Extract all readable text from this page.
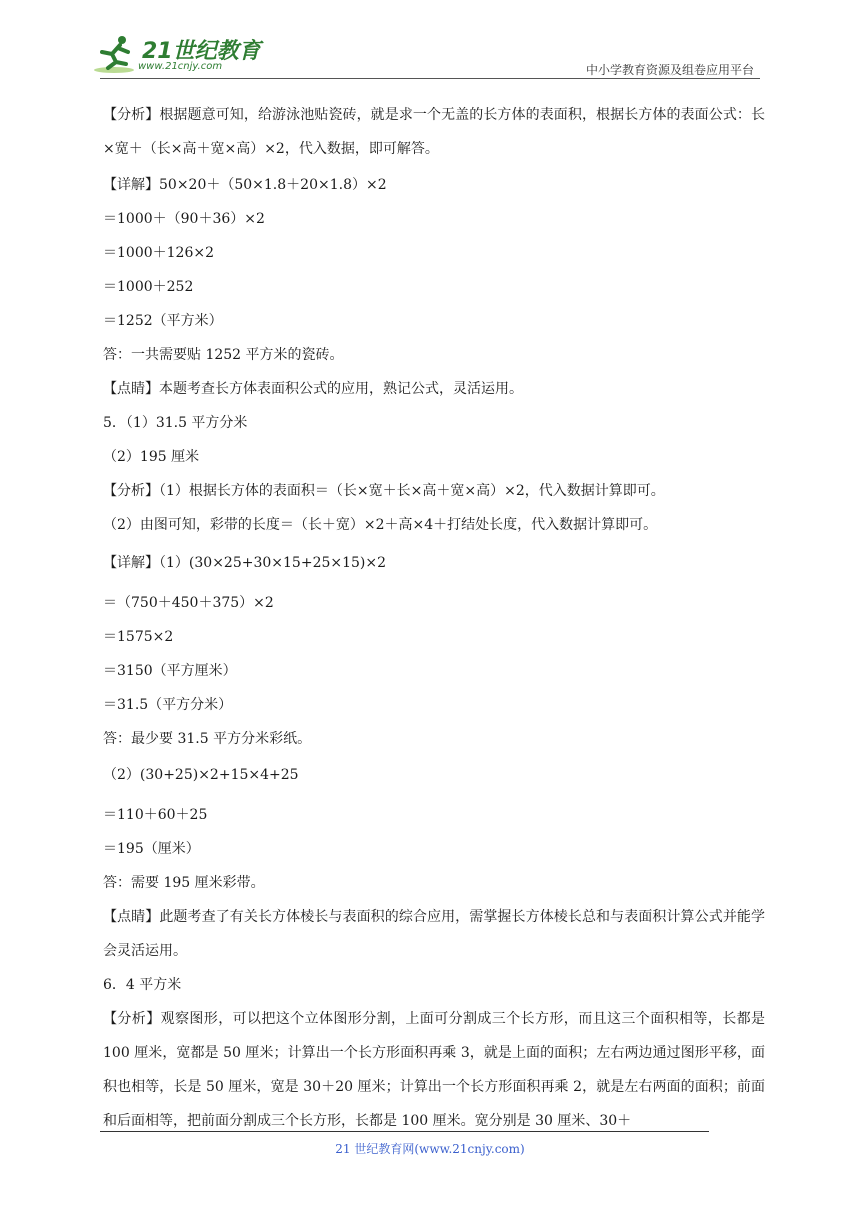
21世纪教育
www.21cnjy.com	中小学教育资源及组卷应用平台
【分析】根据题意可知，给游泳池贴瓷砖，就是求一个无盖的长方体的表面积，根据长方体的表面公式：长×宽＋（长×高＋宽×高）×2，代入数据，即可解答。
【详解】50×20＋（50×1.8＋20×1.8）×2
＝1000＋（90＋36）×2
＝1000＋126×2
＝1000＋252
＝1252（平方米）
答：一共需要贴 1252 平方米的瓷砖。
【点睛】本题考查长方体表面积公式的应用，熟记公式，灵活运用。
5．（1）31.5 平方分米
（2）195 厘米
【分析】（1）根据长方体的表面积＝（长×宽＋长×高＋宽×高）×2，代入数据计算即可。
（2）由图可知，彩带的长度＝（长＋宽）×2＋高×4＋打结处长度，代入数据计算即可。
【详解】（1）(30×25+30×15+25×15)×2
＝（750＋450＋375）×2
＝1575×2
＝3150（平方厘米）
＝31.5（平方分米）
答：最少要 31.5 平方分米彩纸。
（2）(30+25)×2+15×4+25
＝110＋60＋25
＝195（厘米）
答：需要 195 厘米彩带。
【点睛】此题考查了有关长方体棱长与表面积的综合应用，需掌握长方体棱长总和与表面积计算公式并能学会灵活运用。
6．4 平方米
【分析】观察图形，可以把这个立体图形分割，上面可分割成三个长方形，而且这三个面积相等，长都是 100 厘米，宽都是 50 厘米；计算出一个长方形面积再乘 3，就是上面的面积；左右两边通过图形平移，面积也相等，长是 50 厘米，宽是 30＋20 厘米；计算出一个长方形面积再乘 2，就是左右两面的面积；前面和后面相等，把前面分割成三个长方形，长都是 100 厘米。宽分别是 30 厘米、30＋
21 世纪教育网(www.21cnjy.com)
